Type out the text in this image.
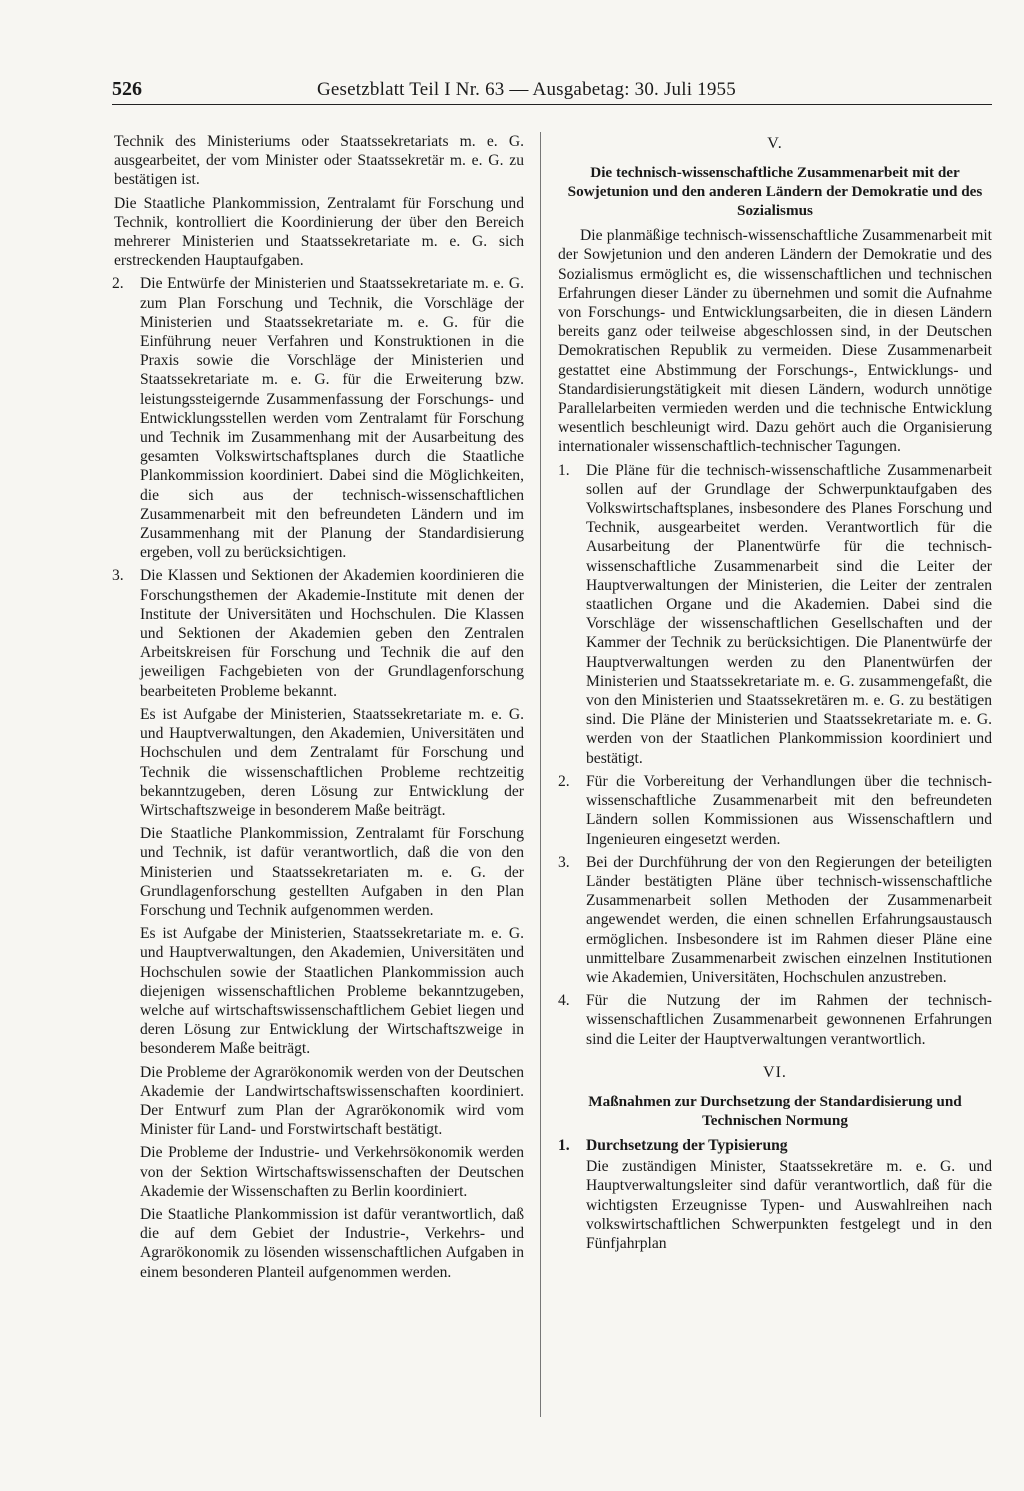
526	Gesetzblatt Teil I Nr. 63 — Ausgabetag: 30. Juli 1955

Technik des Ministeriums oder Staatssekretariats m. e. G. ausgearbeitet, der vom Minister oder Staatssekretär m. e. G. zu bestätigen ist.

Die Staatliche Plankommission, Zentralamt für Forschung und Technik, kontrolliert die Koordinierung der über den Bereich mehrerer Ministerien und Staatssekretariate m. e. G. sich erstreckenden Hauptaufgaben.

2. Die Entwürfe der Ministerien und Staatssekretariate m. e. G. zum Plan Forschung und Technik, die Vorschläge der Ministerien und Staatssekretariate m. e. G. für die Einführung neuer Verfahren und Konstruktionen in die Praxis sowie die Vorschläge der Ministerien und Staatssekretariate m. e. G. für die Erweiterung bzw. leistungssteigernde Zusammenfassung der Forschungs- und Entwicklungsstellen werden vom Zentralamt für Forschung und Technik im Zusammenhang mit der Ausarbeitung des gesamten Volkswirtschaftsplanes durch die Staatliche Plankommission koordiniert. Dabei sind die Möglichkeiten, die sich aus der technisch-wissenschaftlichen Zusammenarbeit mit den befreundeten Ländern und im Zusammenhang mit der Planung der Standardisierung ergeben, voll zu berücksichtigen.

3. Die Klassen und Sektionen der Akademien koordinieren die Forschungsthemen der Akademie-Institute mit denen der Institute der Universitäten und Hochschulen. Die Klassen und Sektionen der Akademien geben den Zentralen Arbeitskreisen für Forschung und Technik die auf den jeweiligen Fachgebieten von der Grundlagenforschung bearbeiteten Probleme bekannt.

Es ist Aufgabe der Ministerien, Staatssekretariate m. e. G. und Hauptverwaltungen, den Akademien, Universitäten und Hochschulen und dem Zentralamt für Forschung und Technik die wissenschaftlichen Probleme rechtzeitig bekanntzugeben, deren Lösung zur Entwicklung der Wirtschaftszweige in besonderem Maße beiträgt.

Die Staatliche Plankommission, Zentralamt für Forschung und Technik, ist dafür verantwortlich, daß die von den Ministerien und Staatssekretariaten m. e. G. der Grundlagenforschung gestellten Aufgaben in den Plan Forschung und Technik aufgenommen werden.

Es ist Aufgabe der Ministerien, Staatssekretariate m. e. G. und Hauptverwaltungen, den Akademien, Universitäten und Hochschulen sowie der Staatlichen Plankommission auch diejenigen wissenschaftlichen Probleme bekanntzugeben, welche auf wirtschaftswissenschaftlichem Gebiet liegen und deren Lösung zur Entwicklung der Wirtschaftszweige in besonderem Maße beiträgt.

Die Probleme der Agrarökonomik werden von der Deutschen Akademie der Landwirtschaftswissenschaften koordiniert. Der Entwurf zum Plan der Agrarökonomik wird vom Minister für Land- und Forstwirtschaft bestätigt.

Die Probleme der Industrie- und Verkehrsökonomik werden von der Sektion Wirtschaftswissenschaften der Deutschen Akademie der Wissenschaften zu Berlin koordiniert.

Die Staatliche Plankommission ist dafür verantwortlich, daß die auf dem Gebiet der Industrie-, Verkehrs- und Agrarökonomik zu lösenden wissenschaftlichen Aufgaben in einem besonderen Planteil aufgenommen werden.

V.
Die technisch-wissenschaftliche Zusammenarbeit mit der Sowjetunion und den anderen Ländern der Demokratie und des Sozialismus

Die planmäßige technisch-wissenschaftliche Zusammenarbeit mit der Sowjetunion und den anderen Ländern der Demokratie und des Sozialismus ermöglicht es, die wissenschaftlichen und technischen Erfahrungen dieser Länder zu übernehmen und somit die Aufnahme von Forschungs- und Entwicklungsarbeiten, die in diesen Ländern bereits ganz oder teilweise abgeschlossen sind, in der Deutschen Demokratischen Republik zu vermeiden. Diese Zusammenarbeit gestattet eine Abstimmung der Forschungs-, Entwicklungs- und Standardisierungstätigkeit mit diesen Ländern, wodurch unnötige Parallelarbeiten vermieden werden und die technische Entwicklung wesentlich beschleunigt wird. Dazu gehört auch die Organisierung internationaler wissenschaftlich-technischer Tagungen.

1. Die Pläne für die technisch-wissenschaftliche Zusammenarbeit sollen auf der Grundlage der Schwerpunktaufgaben des Volkswirtschaftsplanes, insbesondere des Planes Forschung und Technik, ausgearbeitet werden. Verantwortlich für die Ausarbeitung der Planentwürfe für die technisch-wissenschaftliche Zusammenarbeit sind die Leiter der Hauptverwaltungen der Ministerien, die Leiter der zentralen staatlichen Organe und die Akademien. Dabei sind die Vorschläge der wissenschaftlichen Gesellschaften und der Kammer der Technik zu berücksichtigen. Die Planentwürfe der Hauptverwaltungen werden zu den Planentwürfen der Ministerien und Staatssekretariate m. e. G. zusammengefaßt, die von den Ministerien und Staatssekretären m. e. G. zu bestätigen sind. Die Pläne der Ministerien und Staatssekretariate m. e. G. werden von der Staatlichen Plankommission koordiniert und bestätigt.

2. Für die Vorbereitung der Verhandlungen über die technisch-wissenschaftliche Zusammenarbeit mit den befreundeten Ländern sollen Kommissionen aus Wissenschaftlern und Ingenieuren eingesetzt werden.

3. Bei der Durchführung der von den Regierungen der beteiligten Länder bestätigten Pläne über technisch-wissenschaftliche Zusammenarbeit sollen Methoden der Zusammenarbeit angewendet werden, die einen schnellen Erfahrungsaustausch ermöglichen. Insbesondere ist im Rahmen dieser Pläne eine unmittelbare Zusammenarbeit zwischen einzelnen Institutionen wie Akademien, Universitäten, Hochschulen anzustreben.

4. Für die Nutzung der im Rahmen der technisch-wissenschaftlichen Zusammenarbeit gewonnenen Erfahrungen sind die Leiter der Hauptverwaltungen verantwortlich.

VI.
Maßnahmen zur Durchsetzung der Standardisierung und Technischen Normung
1. Durchsetzung der Typisierung

Die zuständigen Minister, Staatssekretäre m. e. G. und Hauptverwaltungsleiter sind dafür verantwortlich, daß für die wichtigsten Erzeugnisse Typen- und Auswahlreihen nach volkswirtschaftlichen Schwerpunkten festgelegt und in den Fünfjahrplan
